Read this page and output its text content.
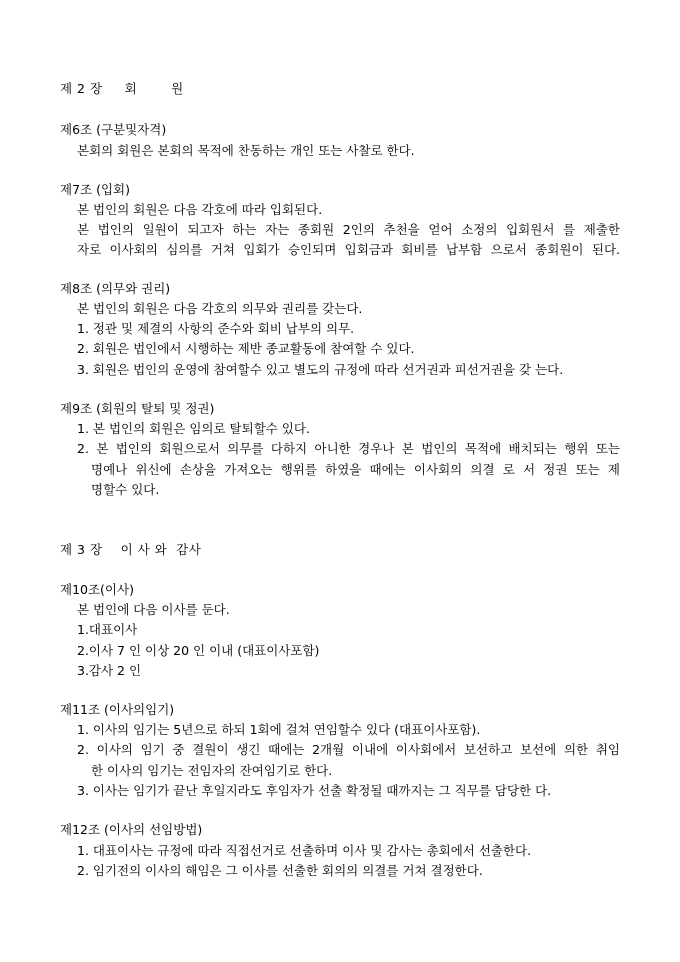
제 2 장 회	원
제6조 (구분및자격)
본회의 회원은 본회의 목적에 찬동하는 개인 또는 사찰로 한다.
제7조 (입회)
본 법인의 회원은 다음 각호에 따라 입회된다.
본 법인의 일원이 되고자 하는 자는 종회원 2인의 추천을 얻어 소정의 입회원서 를 제출한
자로 이사회의 심의를 거쳐 입회가 승인되며 입회금과 회비를 납부함 으로서 종회원이 된다.
제8조 (의무와 권리)
본 법인의 회원은 다음 각호의 의무와 권리를 갖는다.
1. 정관 및 제결의 사항의 준수와 회비 납부의 의무.
2. 회원은 법인에서 시행하는 제반 종교활동에 참여할 수 있다.
3. 회원은 법인의 운영에 참여할수 있고 별도의 규정에 따라 선거권과 피선거권을 갖 는다.
제9조 (회원의 탈퇴 및 정권)
1. 본 법인의 회원은 임의로 탈퇴할수 있다.
2. 본 법인의 회원으로서 의무를 다하지 아니한 경우나 본 법인의 목적에 배치되는 행위 또는
명예나 위신에 손상을 가져오는 행위를 하였을 때에는 이사회의 의결 로 서 정권 또는 제
명할수 있다.
제 3 장 이 사 와  감사
제10조(이사)
본 법인에 다음 이사를 둔다.
1.대표이사
2.이사 7 인 이상 20 인 이내 (대표이사포함)
3.감사 2 인
제11조 (이사의임기)
1. 이사의 임기는 5년으로 하되 1회에 걸쳐 연임할수 있다 (대표이사포함).
2. 이사의 임기 중 결원이 생긴 때에는 2개월 이내에 이사회에서 보선하고 보선에 의한 취임
한 이사의 임기는 전임자의 잔여임기로 한다.
3. 이사는 임기가 끝난 후일지라도 후임자가 선출 확정될 때까지는 그 직무를 담당한 다.
제12조 (이사의 선임방법)
1. 대표이사는 규정에 따라 직접선거로 선출하며 이사 및 감사는 총회에서 선출한다.
2. 임기전의 이사의 해임은 그 이사를 선출한 회의의 의결를 거쳐 결정한다.
